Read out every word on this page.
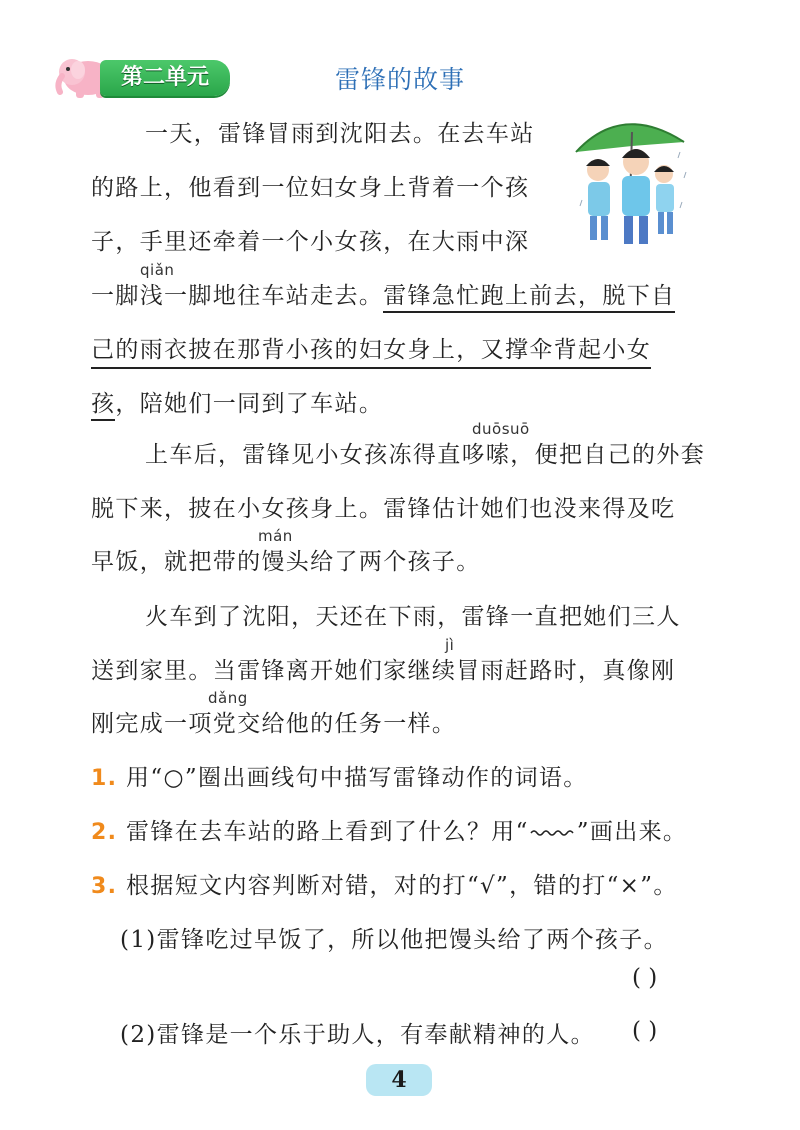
第二单元	雷锋的故事
一天，雷锋冒雨到沈阳去。在去车站
的路上，他看到一位妇女身上背着一个孩
子，手里还牵着一个小女孩，在大雨中深
qiǎn
一脚浅一脚地往车站走去。雷锋急忙跑上前去，脱下自
己的雨衣披在那背小孩的妇女身上，又撑伞背起小女
孩，陪她们一同到了车站。
duōsuō
上车后，雷锋见小女孩冻得直哆嗦，便把自己的外套
脱下来，披在小女孩身上。雷锋估计她们也没来得及吃
mán
早饭，就把带的馒头给了两个孩子。
火车到了沈阳，天还在下雨，雷锋一直把她们三人
jì
送到家里。当雷锋离开她们家继续冒雨赶路时，真像刚
dǎng
刚完成一项党交给他的任务一样。
1. 用“○”圈出画线句中描写雷锋动作的词语。
2. 雷锋在去车站的路上看到了什么？用“ ”画出来。
3. 根据短文内容判断对错，对的打“√”，错的打“×”。
(1)雷锋吃过早饭了，所以他把馒头给了两个孩子。
( )
(2)雷锋是一个乐于助人，有奉献精神的人。 ( )
4
